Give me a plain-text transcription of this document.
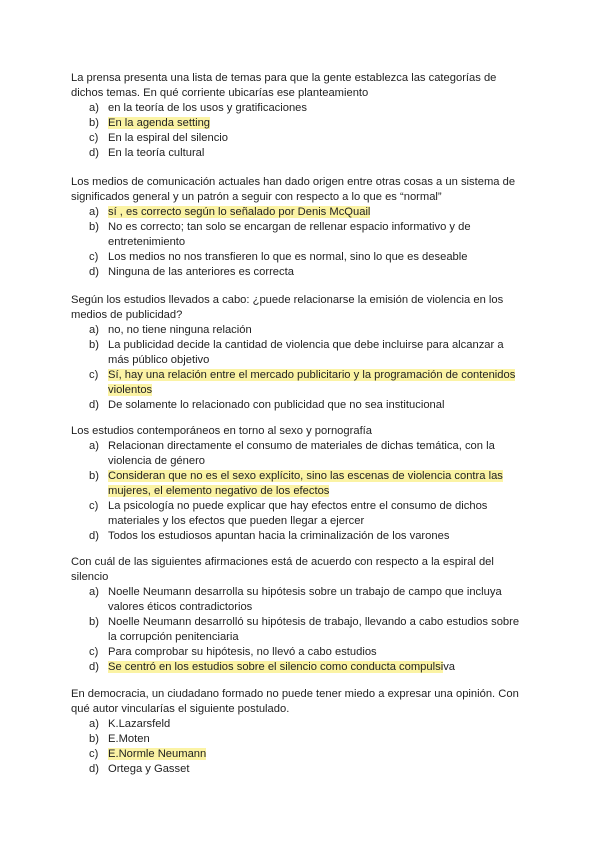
La prensa presenta una lista de temas para que la gente establezca las categorías de dichos temas. En qué corriente ubicarías ese planteamiento

a) en la teoría de los usos y gratificaciones
b) En la agenda setting
c) En la espiral del silencio
d) En la teoría cultural

Los medios de comunicación actuales han dado origen entre otras cosas a un sistema de significados general y un patrón a seguir con respecto a lo que es “normal”

a) sí , es correcto según lo señalado por Denis McQuail
b) No es correcto; tan solo se encargan de rellenar espacio informativo y de entretenimiento
c) Los medios no nos transfieren lo que es normal, sino lo que es deseable
d) Ninguna de las anteriores es correcta

Según los estudios llevados a cabo: ¿puede relacionarse la emisión de violencia en los medios de publicidad?

a) no, no tiene ninguna relación
b) La publicidad decide la cantidad de violencia que debe incluirse para alcanzar a más público objetivo
c) Sí, hay una relación entre el mercado publicitario y la programación de contenidos violentos
d) De solamente lo relacionado con publicidad que no sea institucional

Los estudios contemporáneos en torno al sexo y pornografía

a) Relacionan directamente el consumo de materiales de dichas temática, con la violencia de género
b) Consideran que no es el sexo explícito, sino las escenas de violencia contra las mujeres, el elemento negativo de los efectos
c) La psicología no puede explicar que hay efectos entre el consumo de dichos materiales y los efectos que pueden llegar a ejercer
d) Todos los estudiosos apuntan hacia la criminalización de los varones

Con cuál de las siguientes afirmaciones está de acuerdo con respecto a la espiral del silencio

a) Noelle Neumann desarrolla su hipótesis sobre un trabajo de campo que incluya valores éticos contradictorios
b) Noelle Neumann desarrolló su hipótesis de trabajo, llevando a cabo estudios sobre la corrupción penitenciaria
c) Para comprobar su hipótesis, no llevó a cabo estudios
d) Se centró en los estudios sobre el silencio como conducta compulsiva

En democracia, un ciudadano formado no puede tener miedo a expresar una opinión. Con qué autor vincularías el siguiente postulado.

a) K.Lazarsfeld
b) E.Moten
c) E.Normle Neumann
d) Ortega y Gasset
